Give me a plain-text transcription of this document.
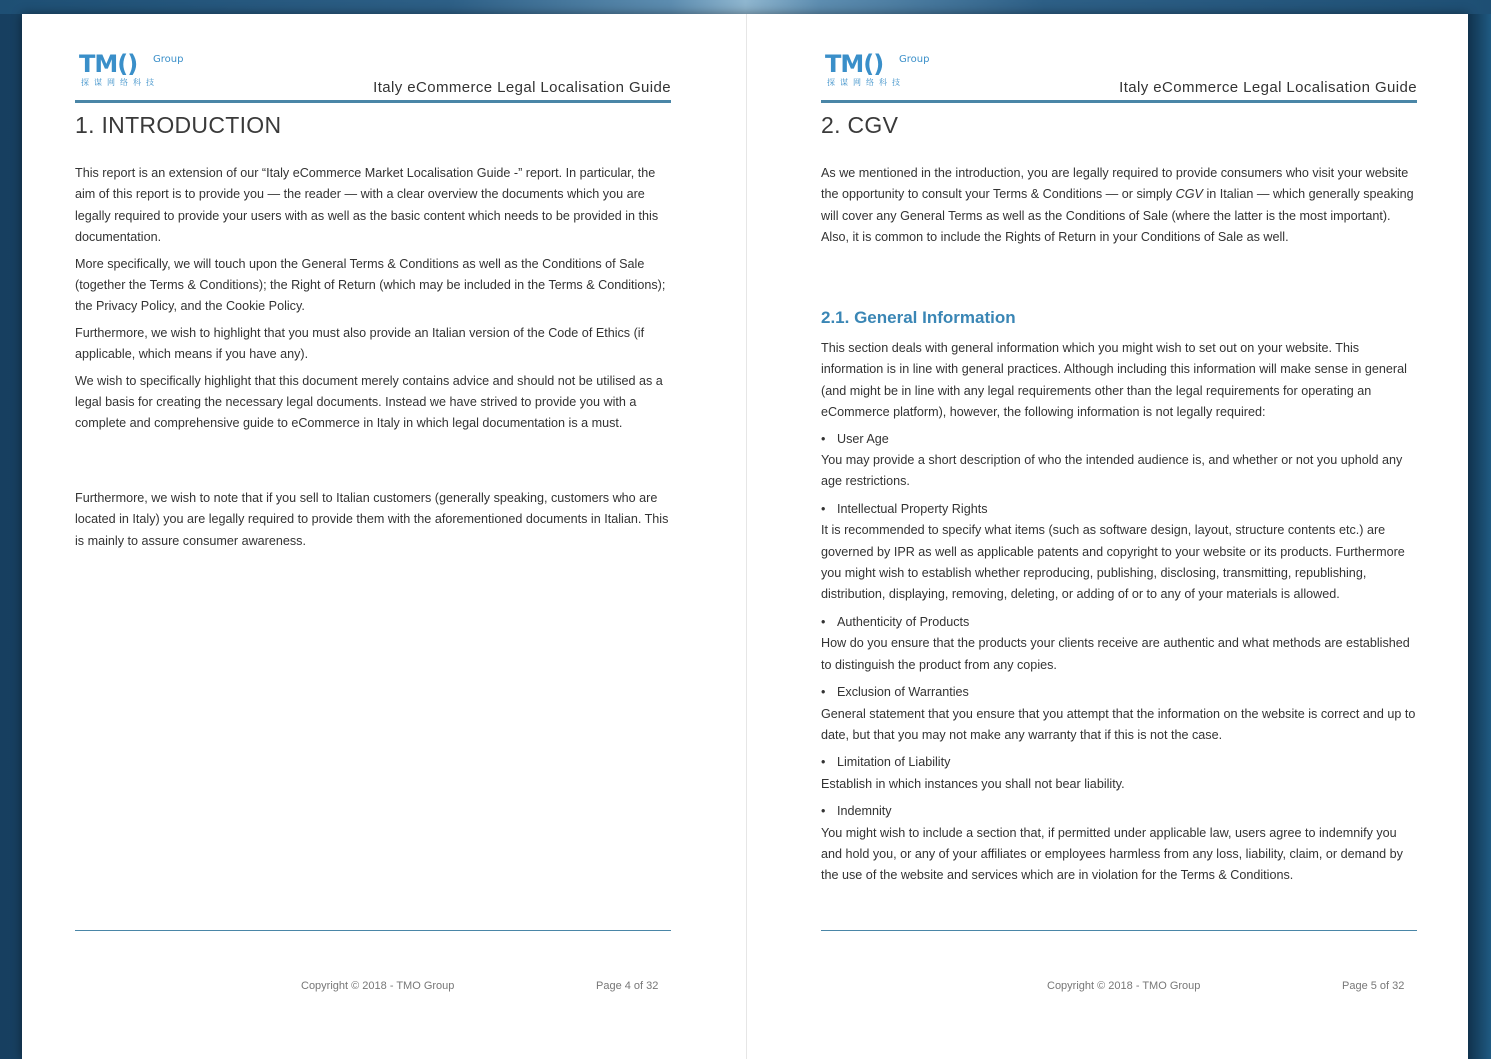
TM() Group
探谋网络科技	Italy eCommerce Legal Localisation Guide
1. INTRODUCTION

This report is an extension of our “Italy eCommerce Market Localisation Guide -” report. In particular, the aim of this report is to provide you — the reader — with a clear overview the documents which you are legally required to provide your users with as well as the basic content which needs to be provided in this documentation.

More specifically, we will touch upon the General Terms & Conditions as well as the Conditions of Sale (together the Terms & Conditions); the Right of Return (which may be included in the Terms & Conditions); the Privacy Policy, and the Cookie Policy.

Furthermore, we wish to highlight that you must also provide an Italian version of the Code of Ethics (if applicable, which means if you have any).

We wish to specifically highlight that this document merely contains advice and should not be utilised as a legal basis for creating the necessary legal documents. Instead we have strived to provide you with a complete and comprehensive guide to eCommerce in Italy in which legal documentation is a must.

Furthermore, we wish to note that if you sell to Italian customers (generally speaking, customers who are located in Italy) you are legally required to provide them with the aforementioned documents in Italian. This is mainly to assure consumer awareness.

Copyright © 2018 - TMO Group	Page 4 of 32
TM() Group
探谋网络科技	Italy eCommerce Legal Localisation Guide
2. CGV

As we mentioned in the introduction, you are legally required to provide consumers who visit your website the opportunity to consult your Terms & Conditions — or simply CGV in Italian — which generally speaking will cover any General Terms as well as the Conditions of Sale (where the latter is the most important). Also, it is common to include the Rights of Return in your Conditions of Sale as well.

2.1. General Information

This section deals with general information which you might wish to set out on your website. This information is in line with general practices. Although including this information will make sense in general (and might be in line with any legal requirements other than the legal requirements for operating an eCommerce platform), however, the following information is not legally required:

• User Age
You may provide a short description of who the intended audience is, and whether or not you uphold any age restrictions.
• Intellectual Property Rights
It is recommended to specify what items (such as software design, layout, structure contents etc.) are governed by IPR as well as applicable patents and copyright to your website or its products. Furthermore you might wish to establish whether reproducing, publishing, disclosing, transmitting, republishing, distribution, displaying, removing, deleting, or adding of or to any of your materials is allowed.
• Authenticity of Products
How do you ensure that the products your clients receive are authentic and what methods are established to distinguish the product from any copies.
• Exclusion of Warranties
General statement that you ensure that you attempt that the information on the website is correct and up to date, but that you may not make any warranty that if this is not the case.
• Limitation of Liability
Establish in which instances you shall not bear liability.
• Indemnity
You might wish to include a section that, if permitted under applicable law, users agree to indemnify you and hold you, or any of your affiliates or employees harmless from any loss, liability, claim, or demand by the use of the website and services which are in violation for the Terms & Conditions.
Copyright © 2018 - TMO Group	Page 5 of 32
